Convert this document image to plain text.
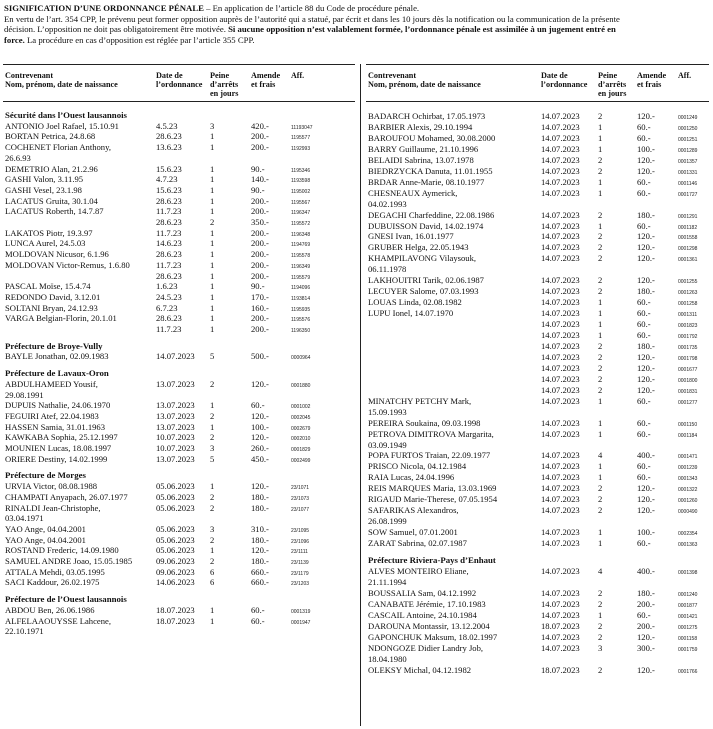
SIGNIFICATION D’UNE ORDONNANCE PÉNALE – En application de l’article 88 du Code de procédure pénale.
En vertu de l’art. 354 CPP, le prévenu peut former opposition auprès de l’autorité qui a statué, par écrit et dans les 10 jours dès la notification ou la communication de la présente
décision. L’opposition ne doit pas obligatoirement être motivée. Si aucune opposition n’est valablement formée, l’ordonnance pénale est assimilée à un jugement entré en
force. La procédure en cas d’opposition est réglée par l’article 355 CPP.
Contrevenant
Nom, prénom, date de naissance
Date de
l’ordonnance
Peine
d’arrêts
en jours
Amende
et frais
Aff.
Sécurité dans l’Ouest lausannois
ANTONIO Joel Rafael, 15.10.91	4.5.23	3	420.-	11193047
BORTAN Petrica, 24.8.68	28.6.23	1	200.-	1195577
COCHENET Florian Anthony,	13.6.23	1	200.-	1192993
26.6.93
DEMETRIO Alan, 21.2.96	15.6.23	1	90.-	1195346
GASHI Valon, 3.11.95	4.7.23	1	140.-	1193598
GASHI Vesel, 23.1.98	15.6.23	1	90.-	1195002
LACATUS Gruita, 30.1.04	28.6.23	1	200.-	1195567
LACATUS Roberth, 14.7.87	11.7.23	1	200.-	1196347
28.6.23	2	350.-	1195572
LAKATOS Piotr, 19.3.97	11.7.23	1	200.-	1196348
LUNCA Aurel, 24.5.03	14.6.23	1	200.-	1194769
MOLDOVAN Nicusor, 6.1.96	28.6.23	1	200.-	1195578
MOLDOVAN Victor-Remus, 1.6.80	11.7.23	1	200.-	1196349
28.6.23	1	200.-	1195579
PASCAL Moïse, 15.4.74	1.6.23	1	90.-	1194096
REDONDO David, 3.12.01	24.5.23	1	170.-	1193814
SOLTANI Bryan, 24.12.93	6.7.23	1	160.-	1195935
VARGA Belgian-Florin, 20.1.01	28.6.23	1	200.-	1195576
11.7.23	1	200.-	1196350
Préfecture de Broye-Vully
BAYLE Jonathan, 02.09.1983	14.07.2023 5	500.-	0000964
Préfecture de Lavaux-Oron
ABDULHAMEED Yousif,	13.07.2023 2	120.-	0001880
29.08.1991
DUPUIS Nathalie, 24.06.1970	13.07.2023 1	60.-	0001002
FEGUIRI Atef, 22.04.1983	13.07.2023 2	120.-	0002045
HASSEN Samia, 31.01.1963	13.07.2023 1	100.-	0002679
KAWKABA Sophia, 25.12.1997	10.07.2023 2	120.-	0002010
MOUNIEN Lucas, 18.08.1997	10.07.2023 3	260.-	0001829
ORIERE Destiny, 14.02.1999	13.07.2023 5	450.-	0002499
Préfecture de Morges
URVIA Victor, 08.08.1988	05.06.2023 1	120.-	23/1071
CHAMPATI Anyapach, 26.07.1977	05.06.2023 2	180.-	23/1073
RINALDI Jean-Christophe,	05.06.2023 2	180.-	23/1077
03.04.1971
YAO Ange, 04.04.2001	05.06.2023 3	310.-	23/1095
YAO Ange, 04.04.2001	05.06.2023 2	180.-	23/1096
ROSTAND Frederic, 14.09.1980	05.06.2023 1	120.-	23/1111
SAMUEL ANDRE Joao, 15.05.1985	09.06.2023 2	180.-	23/1139
ATTALA Mehdi, 03.05.1995	09.06.2023 6	660.-	23/1179
SACI Kaddour, 26.02.1975	14.06.2023 6	660.-	23/1203
Préfecture de l’Ouest lausannois
ABDOU Ben, 26.06.1986	18.07.2023 1	60.-	0001319
ALFELAAOUYSSE Lahcene,	18.07.2023 1	60.-	0001947
22.10.1971
Contrevenant
Nom, prénom, date de naissance
Date de
l’ordonnance
Peine
d’arrêts
en jours
Amende
et frais
Aff.
BADARCH Ochirbat, 17.05.1973	14.07.2023 2	120.-	0001249
BARBIER Alexis, 29.10.1994	14.07.2023 1	60.-	0001250
BAROUFOU Mohamed, 30.08.2000	14.07.2023 1	60.-	0001251
BARRY Guillaume, 21.10.1996	14.07.2023 1	100.-	0001289
BELAIDI Sabrina, 13.07.1978	14.07.2023 2	120.-	0001357
BIEDRZYCKA Danuta, 11.01.1955	14.07.2023 2	120.-	0001331
BRDAR Anne-Marie, 08.10.1977	14.07.2023 1	60.-	0001146
CHESNEAUX Aymerick,	14.07.2023 1	60.-	0001727
04.02.1993
DEGACHI Charfeddine, 22.08.1986	14.07.2023 2	180.-	0001291
DUBUISSON David, 14.02.1974	14.07.2023 1	60.-	0001182
GNESI Ivan, 16.01.1977	14.07.2023 2	120.-	0001558
GRUBER Helga, 22.05.1943	14.07.2023 2	120.-	0001298
KHAMPILAVONG Vilaysouk,	14.07.2023 2	120.-	0001361
06.11.1978
LAKHOUITRI Tarik, 02.06.1987	14.07.2023 2	120.-	0001255
LECUYER Salome, 07.03.1993	14.07.2023 2	180.-	0001263
LOUAS Linda, 02.08.1982	14.07.2023 1	60.-	0001258
LUPU Ionel, 14.07.1970	14.07.2023 1	60.-	0001311
14.07.2023 1	60.-	0001823
14.07.2023 1	60.-	0001792
14.07.2023 2	180.-	0001735
14.07.2023 2	120.-	0001798
14.07.2023 2	120.-	0001677
14.07.2023 2	120.-	0001800
14.07.2023 2	120.-	0001831
MINATCHY PETCHY Mark,	14.07.2023 1	60.-	0001277
15.09.1993
PEREIRA Soukaina, 09.03.1998	14.07.2023 1	60.-	0001150
PETROVA DIMITROVA Margarita,	14.07.2023 1	60.-	0001184
03.09.1949
POPA FURTOS Traian, 22.09.1977	14.07.2023 4	400.-	0001471
PRISCO Nicola, 04.12.1984	14.07.2023 1	60.-	0001239
RAIA Lucas, 24.04.1996	14.07.2023 1	60.-	0001343
REIS MARQUES Maria, 13.03.1969	14.07.2023 2	120.-	0001322
RIGAUD Marie-Therese, 07.05.1954	14.07.2023 2	120.-	0001260
SAFARIKAS Alexandros,	14.07.2023 2	120.-	0000490
26.08.1999
SOW Samuel, 07.01.2001	14.07.2023 1	100.-	0002354
ZARAT Sabrina, 02.07.1987	14.07.2023 1	60.-	0001363
Préfecture Riviera-Pays d’Enhaut
ALVES MONTEIRO Eliane,	14.07.2023 4	400.-	0001398
21.11.1994
BOUSSALIA Sam, 04.12.1992	14.07.2023 2	180.-	0001240
CANABATE Jérémie, 17.10.1983	14.07.2023 2	200.-	0001877
CASCAIL Antoine, 24.10.1984	14.07.2023 1	60.-	0001421
DAROUNA Montassir, 13.12.2004	18.07.2023 2	200.-	0001275
GAPONCHUK Maksum, 18.02.1997	14.07.2023 2	120.-	0001158
NDONGOZE Didier Landry Job,	14.07.2023 3	300.-	0001759
18.04.1980
OLEKSY Michal, 04.12.1982	18.07.2023 2	120.-	0001766
